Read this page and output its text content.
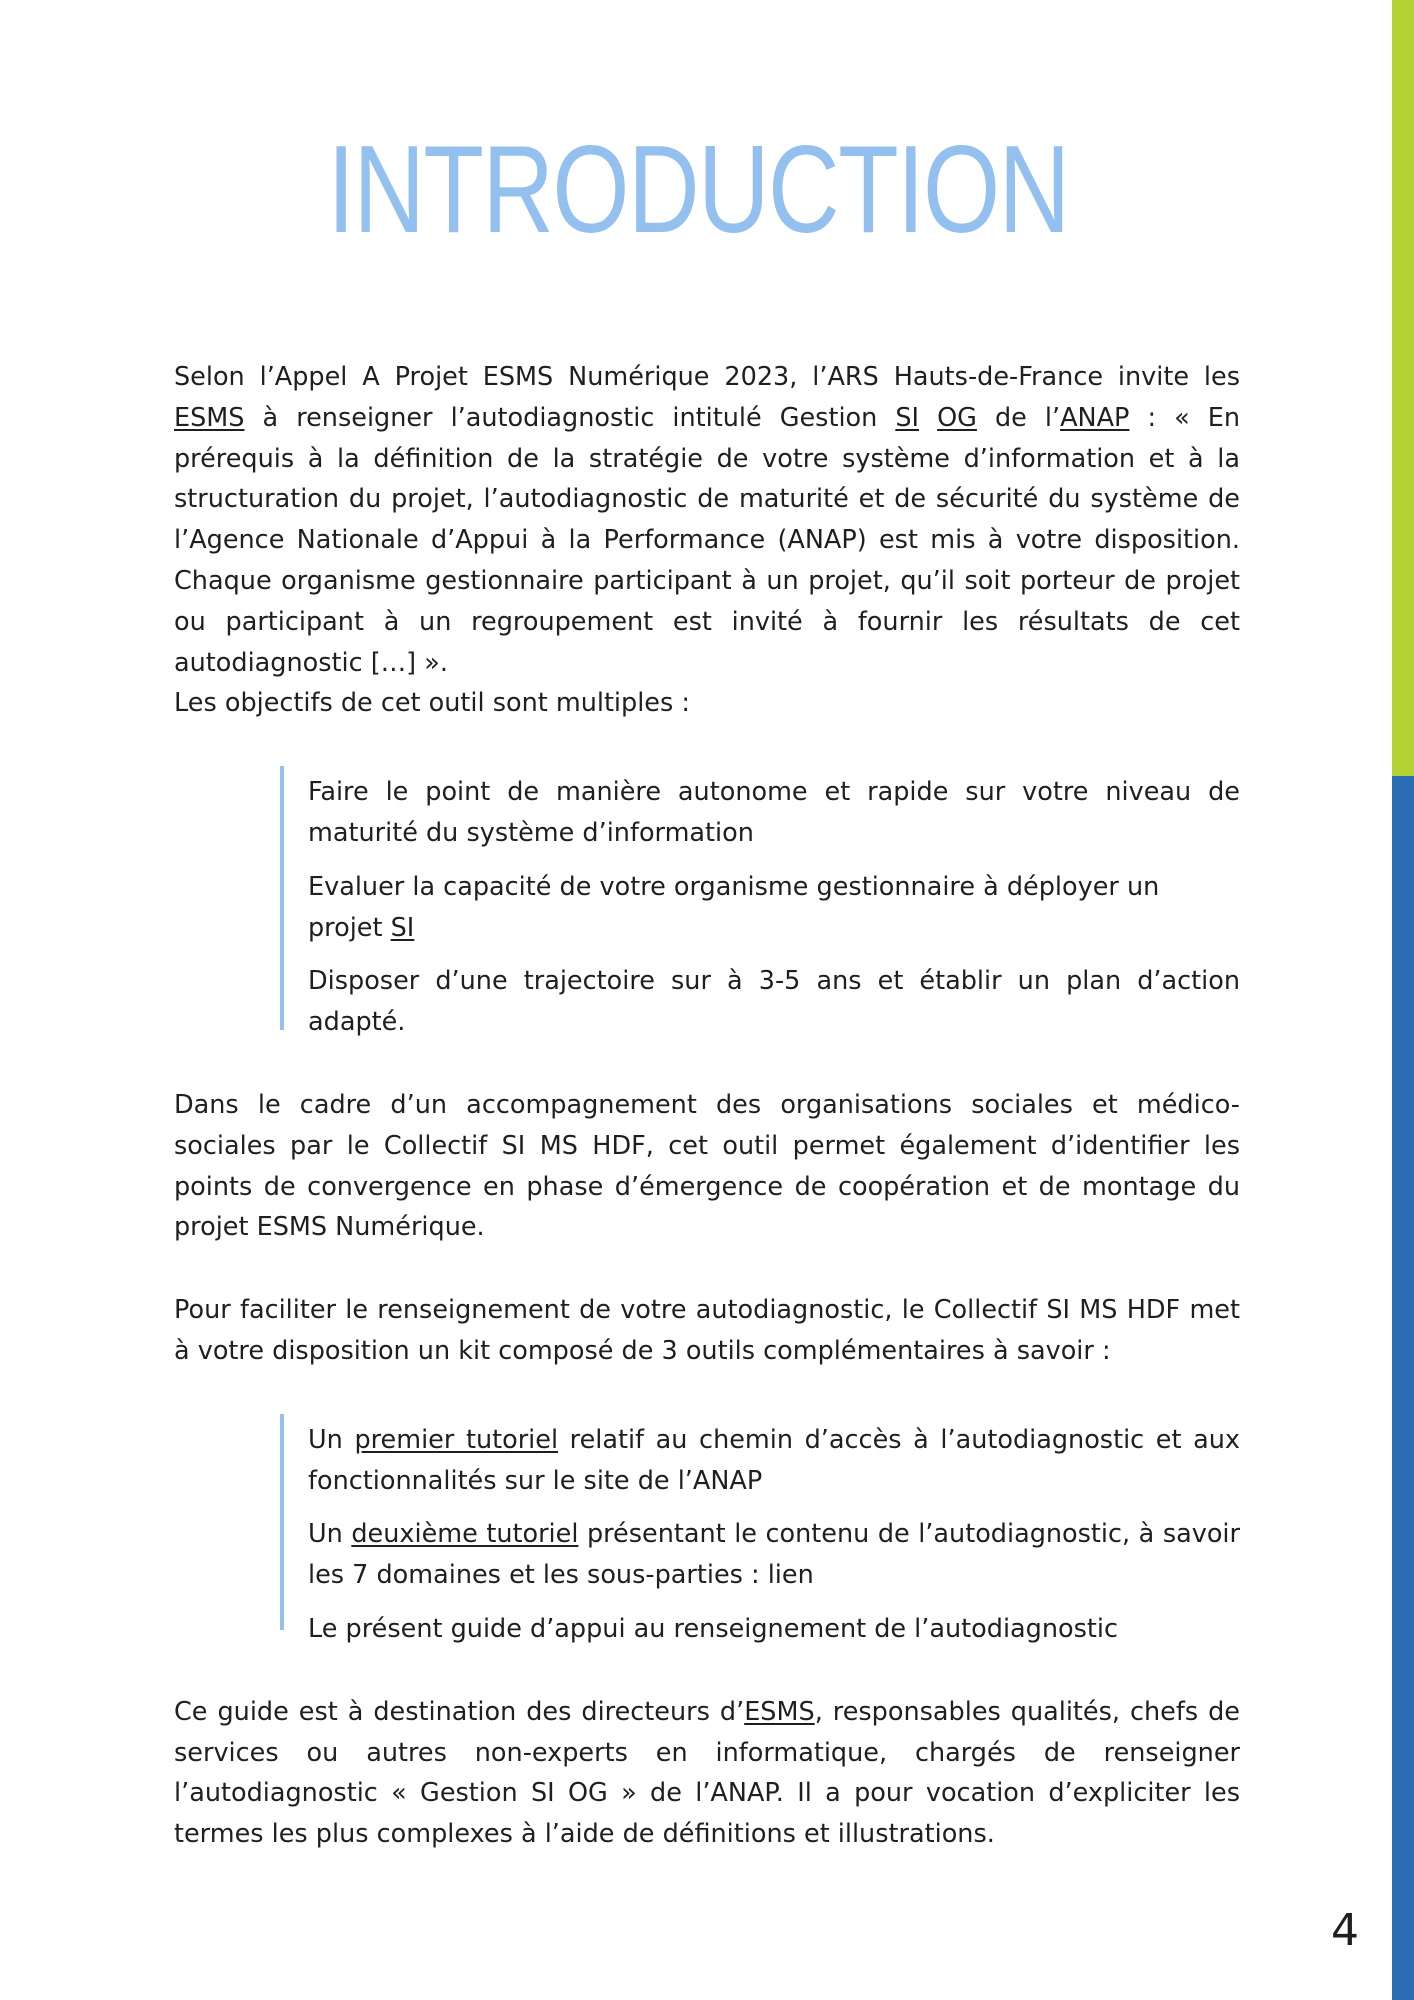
INTRODUCTION

Selon l’Appel A Projet ESMS Numérique 2023, l’ARS Hauts-de-France invite les ESMS à renseigner l’autodiagnostic intitulé Gestion SI OG de l’ANAP : « En prérequis à la définition de la stratégie de votre système d’information et à la structuration du projet, l’autodiagnostic de maturité et de sécurité du système de l’Agence Nationale d’Appui à la Performance (ANAP) est mis à votre disposition. Chaque organisme gestionnaire participant à un projet, qu’il soit porteur de projet ou participant à un regroupement est invité à fournir les résultats de cet autodiagnostic […] ».

Les objectifs de cet outil sont multiples :

Faire le point de manière autonome et rapide sur votre niveau de maturité du système d’information

Evaluer la capacité de votre organisme gestionnaire à déployer un projet SI

Disposer d’une trajectoire sur à 3-5 ans et établir un plan d’action adapté.

Dans le cadre d’un accompagnement des organisations sociales et médico-sociales par le Collectif SI MS HDF, cet outil permet également d’identifier les points de convergence en phase d’émergence de coopération et de montage du projet ESMS Numérique.

Pour faciliter le renseignement de votre autodiagnostic, le Collectif SI MS HDF met à votre disposition un kit composé de 3 outils complémentaires à savoir :

Un premier tutoriel relatif au chemin d’accès à l’autodiagnostic et aux fonctionnalités sur le site de l’ANAP

Un deuxième tutoriel présentant le contenu de l’autodiagnostic, à savoir les 7 domaines et les sous-parties : lien

Le présent guide d’appui au renseignement de l’autodiagnostic

Ce guide est à destination des directeurs d’ESMS, responsables qualités, chefs de services ou autres non-experts en informatique, chargés de renseigner l’autodiagnostic « Gestion SI OG » de l’ANAP. Il a pour vocation d’expliciter les termes les plus complexes à l’aide de définitions et illustrations.

4
